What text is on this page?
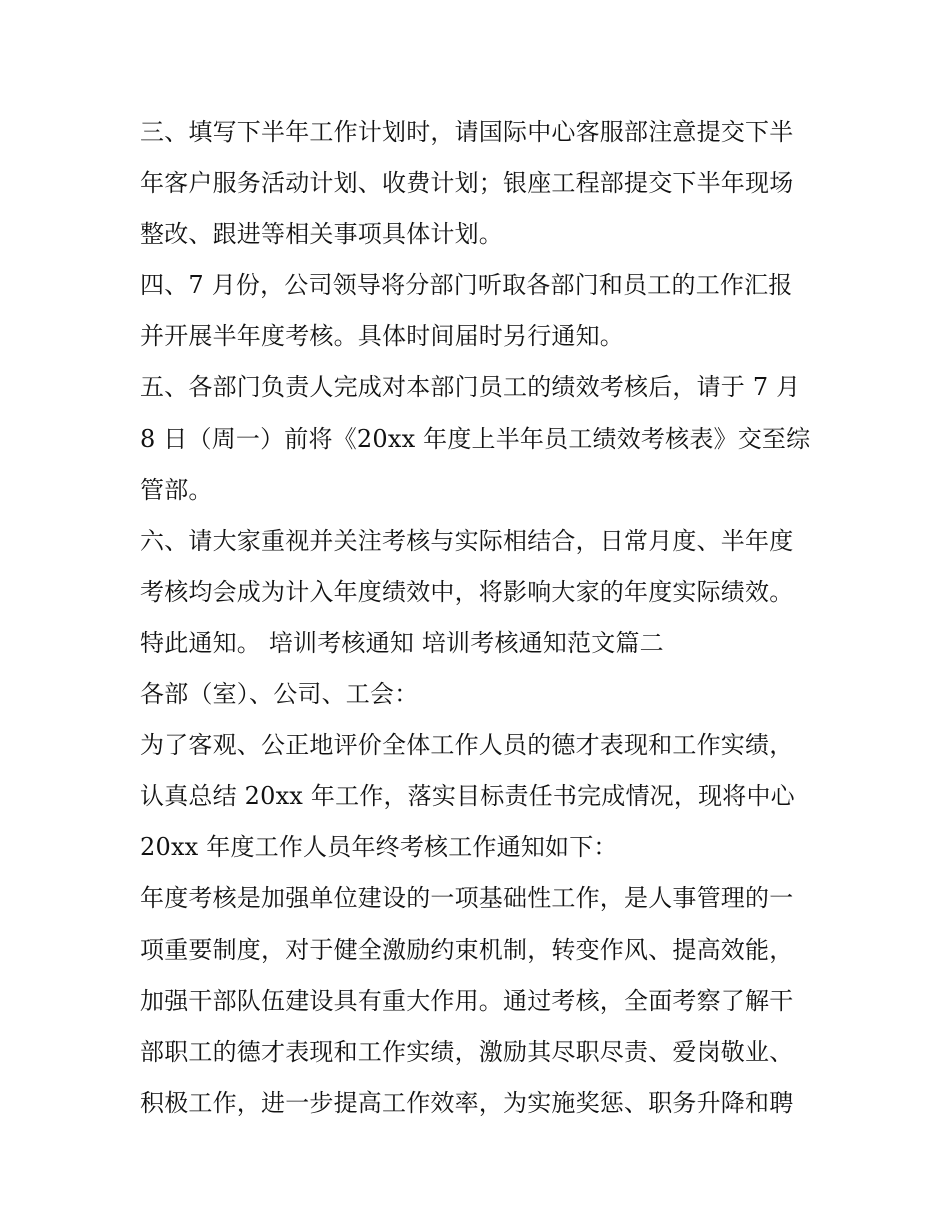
三、填写下半年工作计划时，请国际中心客服部注意提交下半
年客户服务活动计划、收费计划；银座工程部提交下半年现场
整改、跟进等相关事项具体计划。
四、7 月份，公司领导将分部门听取各部门和员工的工作汇报
并开展半年度考核。具体时间届时另行通知。
五、各部门负责人完成对本部门员工的绩效考核后，请于 7 月
8 日（周一）前将《20xx 年度上半年员工绩效考核表》交至综
管部。
六、请大家重视并关注考核与实际相结合，日常月度、半年度
考核均会成为计入年度绩效中，将影响大家的年度实际绩效。
特此通知。 培训考核通知 培训考核通知范文篇二
各部（室）、公司、工会：
为了客观、公正地评价全体工作人员的德才表现和工作实绩，
认真总结 20xx 年工作，落实目标责任书完成情况，现将中心
20xx 年度工作人员年终考核工作通知如下：
年度考核是加强单位建设的一项基础性工作，是人事管理的一
项重要制度，对于健全激励约束机制，转变作风、提高效能，
加强干部队伍建设具有重大作用。通过考核，全面考察了解干
部职工的德才表现和工作实绩，激励其尽职尽责、爱岗敬业、
积极工作，进一步提高工作效率，为实施奖惩、职务升降和聘
